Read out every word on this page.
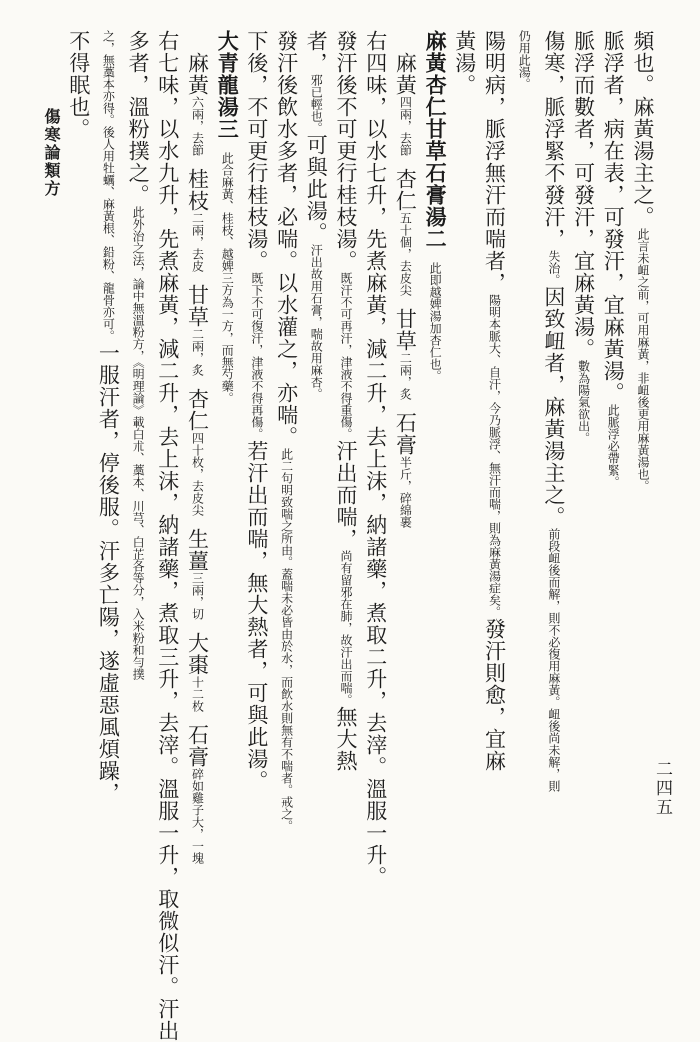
傷寒論類方
二四五
頻也。麻黃湯主之。此言未衄之前，可用麻黃，非衄後更用麻黃湯也。
脈浮者，病在表，可發汗，宜麻黃湯。此脈浮必帶緊。
脈浮而數者，可發汗，宜麻黃湯。數為陽氣欲出。
傷寒，脈浮緊不發汗，失治。因致衄者，麻黃湯主之。前段衄後而解，則不必復用麻黃。衄後尚未解，則
仍用此湯。
陽明病，脈浮無汗而喘者，陽明本脈大、自汗，今乃脈浮、無汗而喘，則為麻黃湯症矣。發汗則愈，宜麻
黃湯。
麻黃杏仁甘草石膏湯二　此即越婢湯加杏仁也。
　麻黃四兩，去節　杏仁五十個，去皮尖　甘草二兩，炙　石膏半斤，碎綿裹
右四味，以水七升，先煮麻黃，減二升，去上沫，納諸藥，煮取二升，去滓。溫服一升。
發汗後不可更行桂枝湯。既汗不可再汗，津液不得重傷。汗出而喘，尚有留邪在肺，故汗出而喘。無大熱
者，邪已輕也。可與此湯。汗出故用石膏，喘故用麻杏。
發汗後飲水多者，必喘。以水灌之，亦喘。此二句明致喘之所由。蓋喘未必皆由於水，而飲水則無有不喘者。戒之。
下後，不可更行桂枝湯。既下不可復汗，津液不得再傷。若汗出而喘，無大熱者，可與此湯。
大青龍湯三　此合麻黃、桂枝、越婢三方為一方，而無芍藥。
　麻黃六兩，去節　桂枝二兩，去皮　甘草二兩，炙　杏仁四十枚，去皮尖　生薑三兩，切　大棗十二枚　石膏碎如雞子大，一塊
右七味，以水九升，先煮麻黃，減二升，去上沫，納諸藥，煮取三升，去滓。溫服一升，取微似汗。汗出
多者，溫粉撲之。此外治之法，論中無溫粉方，《明理論》載白朮、藁本、川芎、白芷各等分，入米粉和勻撲
之，無藁本亦得。後人用牡蠣、麻黃根、鉛粉、龍骨亦可。一服汗者，停後服。汗多亡陽，遂虛惡風煩躁，
不得眠也。
